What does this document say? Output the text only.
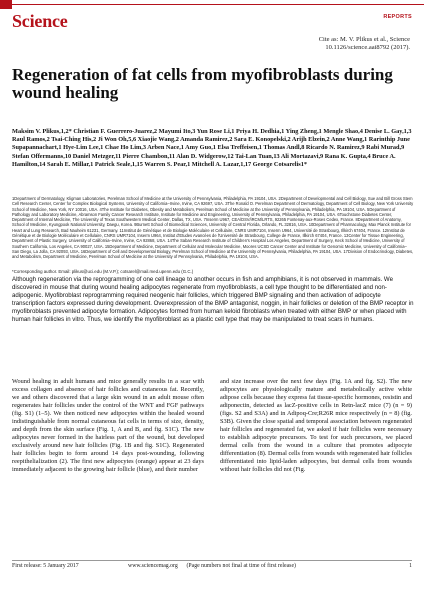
Science	REPORTS
Cite as: M. V. Plikus et al., Science
10.1126/science.aai8792 (2017).
Regeneration of fat cells from myofibroblasts during wound healing
Maksim V. Plikus,1,2* Christian F. Guerrero-Juarez,2 Mayumi Ito,3 Yun Rose Li,1 Priya H. Dedhia,1 Ying Zheng,1 Mengle Shao,4 Denise L. Gay,1,3 Raul Ramos,2 Tsai-Ching His,2 Ji Won Oh,5,6 Xiaojie Wang,2 Amanda Ramirez,2 Sara E. Konopelski,2 Arijh Elzein,2 Anne Wang,1 Rarinthip June Supapannachart,1 Hye-Lim Lee,1 Chae Ho Lim,3 Arben Nace,1 Amy Guo,1 Elsa Treffeisen,1 Thomas Andl,8 Ricardo N. Ramirez,9 Rabi Murad,9 Stefan Offermanns,10 Daniel Metzger,11 Pierre Chambon,11 Alan D. Widgerow,12 Tai-Lan Tuan,13 Ali Mortazavi,9 Rana K. Gupta,4 Bruce A. Hamilton,14 Sarah E. Millar,1 Patrick Seale,1,15 Warren S. Pear,1 Mitchell A. Lazar,1,17 George Cotsarelis1*
1Department of Dermatology, Kligman Laboratories, Perelman School of Medicine at the University of Pennsylvania, Philadelphia, PA 19104, USA. 2Department of Developmental and Cell Biology, Sue and Bill Gross Stem Cell Research Center, Center for Complex Biological Systems, University of California–Irvine, Irvine, CA 92697, USA. 3The Ronald O. Perelman Department of Dermatology, Department of Cell Biology, New York University School of Medicine, New York, NY 10016, USA. 4The Institute for Diabetes, Obesity and Metabolism, Perelman School of Medicine at the University of Pennsylvania, Philadelphia, PA 19104, USA. 5Department of Pathology and Laboratory Medicine, Abramson Family Cancer Research Institute, Institute for Medicine and Engineering, University of Pennsylvania, Philadelphia, PA 19104, USA. 6Touchstone Diabetes Center, Department of Internal Medicine, The University of Texas Southwestern Medical Center, Dallas, TX, USA. 7Inserm U967, CEA/DSV/iRCM/LRTS, 92265 Fontenay-aux-Roses Cedex, France. 8Department of Anatomy, School of Medicine, Kyungpook National University, Daegu, Korea. 9Burnett School of Biomedical Sciences, University of Central Florida, Orlando, FL 32816, USA. 10Department of Pharmacology, Max Planck Institute for Heart and Lung Research, Bad Nauheim 61231, Germany. 11Institut de Génétique et de Biologie Moléculaire et Cellulaire, CNRS UMR7104, Inserm U964, Université de Strasbourg, Illkirch 67404, France. 12Institut de Génétique et de Biologie Moléculaire et Cellulaire, CNRS UMR7104, Inserm U964, Institut d'Etudes Avancées de l'Université de Strasbourg, College de France, Illkirch 67404, France. 13Center for Tissue Engineering, Department of Plastic Surgery, University of California–Irvine, Irvine, CA 92868, USA. 14The Saban Research Institute of Children's Hospital Los Angeles, Department of Surgery, Keck School of Medicine, University of Southern California, Los Angeles, CA 90027, USA. 15Department of Medicine, Department of Cellular and Molecular Medicine, Moores UCSD Cancer Center and Institute for Genomic Medicine, University of California–San Diego, La Jolla, CA 92093, USA. 16Department of Cell and Developmental Biology, Perelman School of Medicine at the University of Pennsylvania, Philadelphia, PA 19104, USA. 17Division of Endocrinology, Diabetes, and Metabolism, Department of Medicine, Perelman School of Medicine at the University of Pennsylvania, Philadelphia, PA 19104, USA.
*Corresponding author. Email: plikus@uci.edu (M.V.P.); cotsarel@mail.med.upenn.edu (G.C.)
Although regeneration via the reprogramming of one cell lineage to another occurs in fish and amphibians, it is not observed in mammals. We discovered in mouse that during wound healing adipocytes regenerate from myofibroblasts, a cell type thought to be differentiated and non-adipogenic. Myofibroblast reprogramming required neogenic hair follicles, which triggered BMP signaling and then activation of adipocyte transcription factors expressed during development. Overexpression of the BMP antagonist, noggin, in hair follicles or deletion of the BMP receptor in myofibroblasts prevented adipocyte formation. Adipocytes formed from human keloid fibroblasts when treated with either BMP or when placed with human hair follicles in vitro. Thus, we identify the myofibroblast as a plastic cell type that may be manipulated to treat scars in humans.
Wound healing in adult humans and mice generally results in a scar with excess collagen and absence of hair follicles and cutaneous fat. Recently, we and others discovered that a large skin wound in an adult mouse often regenerates hair follicles under the control of the WNT and FGF pathways (fig. S1) (1–5). We then noticed new adipocytes within the healed wound indistinguishable from normal cutaneous fat cells in terms of size, density, and depth from the skin surface (Fig. 1, A and B, and fig. S1C). The new adipocytes never formed in the hairless part of the wound, but developed exclusively around new hair follicles (Fig. 1B and fig. S1C). Regenerated hair follicles begin to form around 14 days post-wounding, following reepithelialization (2). The first new adipocytes (orange) appear at 23 days immediately adjacent to the growing hair follicle (blue), and their number
and size increase over the next few days (Fig. 1A and fig. S2). The new adipocytes are physiologically mature and metabolically active white adipose cells because they express fat tissue-specific hormones, resistin and adiponectin, detected as lacZ-positive cells in Retn-lacZ mice (7) (n = 9) (figs. S2 and S3A) and in Adipoq-Cre;R26R mice respectively (n = 8) (fig. S3B). Given the close spatial and temporal association between regenerated hair follicles and regenerated fat, we asked if hair follicles were necessary to establish adipocyte precursors. To test for such precursors, we placed dermal cells from the wound in a culture that promotes adipocyte differentiation (8). Dermal cells from wounds with regenerated hair follicles differentiated into lipid-laden adipocytes, but dermal cells from wounds without hair follicles did not (Fig.
First release: 5 January 2017	www.sciencemag.org (Page numbers not final at time of first release)	1
